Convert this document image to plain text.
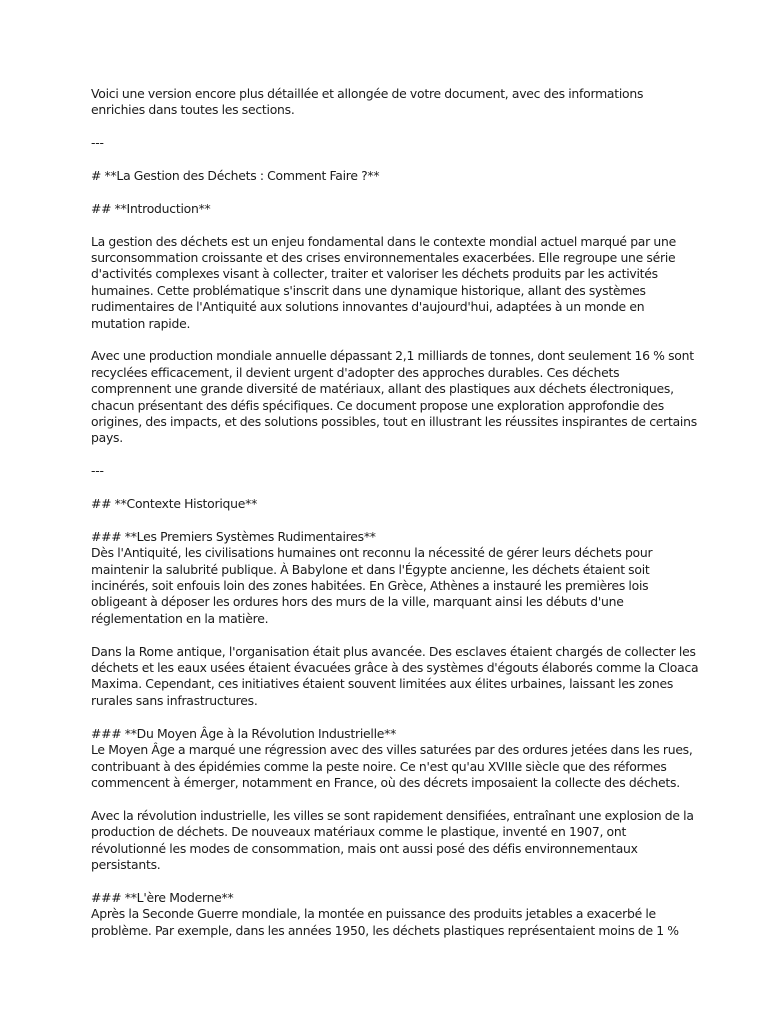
Voici une version encore plus détaillée et allongée de votre document, avec des informations
enrichies dans toutes les sections.
---
# **La Gestion des Déchets : Comment Faire ?**
## **Introduction**
La gestion des déchets est un enjeu fondamental dans le contexte mondial actuel marqué par une
surconsommation croissante et des crises environnementales exacerbées. Elle regroupe une série
d'activités complexes visant à collecter, traiter et valoriser les déchets produits par les activités
humaines. Cette problématique s'inscrit dans une dynamique historique, allant des systèmes
rudimentaires de l'Antiquité aux solutions innovantes d'aujourd'hui, adaptées à un monde en
mutation rapide.
Avec une production mondiale annuelle dépassant 2,1 milliards de tonnes, dont seulement 16 % sont
recyclées efficacement, il devient urgent d'adopter des approches durables. Ces déchets
comprennent une grande diversité de matériaux, allant des plastiques aux déchets électroniques,
chacun présentant des défis spécifiques. Ce document propose une exploration approfondie des
origines, des impacts, et des solutions possibles, tout en illustrant les réussites inspirantes de certains
pays.
---
## **Contexte Historique**
### **Les Premiers Systèmes Rudimentaires**
Dès l'Antiquité, les civilisations humaines ont reconnu la nécessité de gérer leurs déchets pour
maintenir la salubrité publique. À Babylone et dans l'Égypte ancienne, les déchets étaient soit
incinérés, soit enfouis loin des zones habitées. En Grèce, Athènes a instauré les premières lois
obligeant à déposer les ordures hors des murs de la ville, marquant ainsi les débuts d'une
réglementation en la matière.
Dans la Rome antique, l'organisation était plus avancée. Des esclaves étaient chargés de collecter les
déchets et les eaux usées étaient évacuées grâce à des systèmes d'égouts élaborés comme la Cloaca
Maxima. Cependant, ces initiatives étaient souvent limitées aux élites urbaines, laissant les zones
rurales sans infrastructures.
### **Du Moyen Âge à la Révolution Industrielle**
Le Moyen Âge a marqué une régression avec des villes saturées par des ordures jetées dans les rues,
contribuant à des épidémies comme la peste noire. Ce n'est qu'au XVIIIe siècle que des réformes
commencent à émerger, notamment en France, où des décrets imposaient la collecte des déchets.
Avec la révolution industrielle, les villes se sont rapidement densifiées, entraînant une explosion de la
production de déchets. De nouveaux matériaux comme le plastique, inventé en 1907, ont
révolutionné les modes de consommation, mais ont aussi posé des défis environnementaux
persistants.
### **L'ère Moderne**
Après la Seconde Guerre mondiale, la montée en puissance des produits jetables a exacerbé le
problème. Par exemple, dans les années 1950, les déchets plastiques représentaient moins de 1 %
